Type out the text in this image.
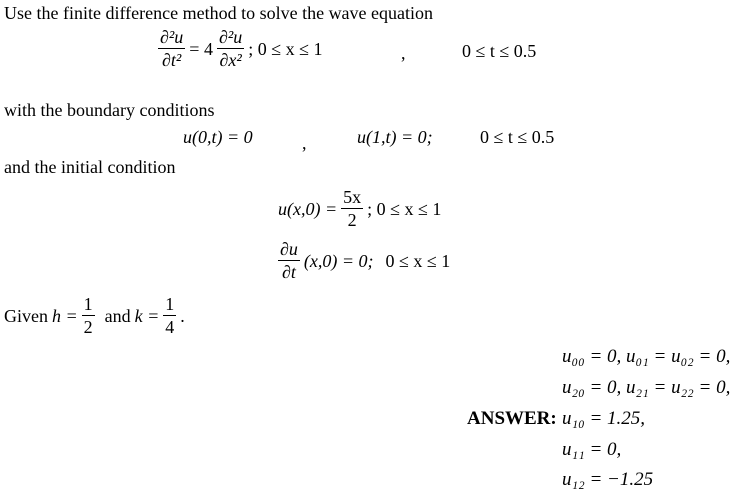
Use the finite difference method to solve the wave equation
$\frac{\text{∂²u}}{\text{∂t²}} = 4 \frac{\text{∂²u}}{\text{∂x²}}$ ; 0 ≤ x ≤ 1	,	0 ≤ t ≤ 0.5
with the boundary conditions
u(0,t) = 0	,	u(1,t) = 0;	0 ≤ t ≤ 0.5
and the initial condition
$u(x,0) = \frac{5x}{2}$ ; 0 ≤ x ≤ 1
$\frac{\partial u}{\partial t} (x,0) = 0$; 0 ≤ x ≤ 1
Given $h = \frac{1}{2}$ and $k = \frac{1}{4}$ .
u₀₀ = 0, u₀₁ = u₀₂ = 0,
u₂₀ = 0, u₂₁ = u₂₂ = 0,
ANSWER: u₁₀ = 1.25,
u₁₁ = 0,
u₁₂ = −1.25
